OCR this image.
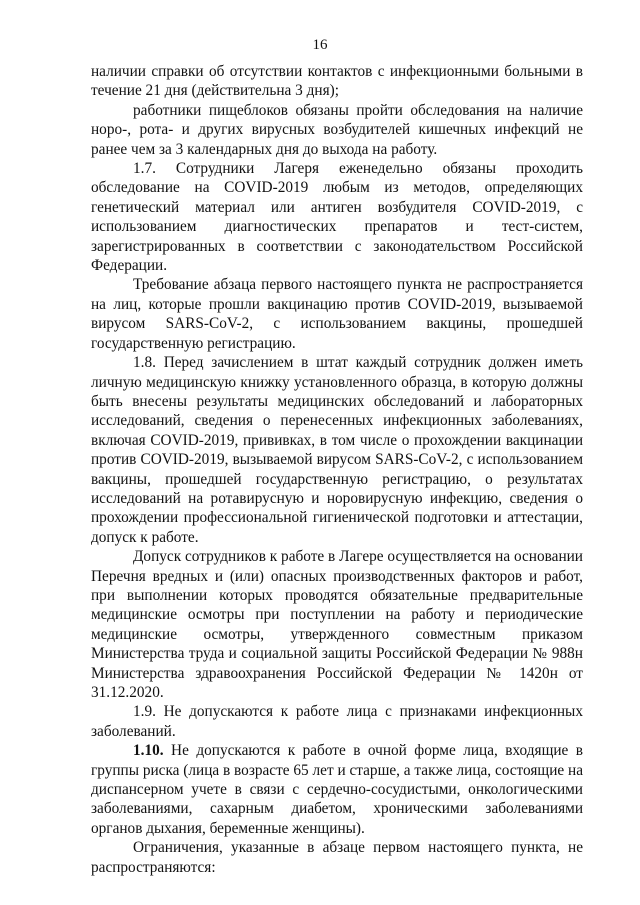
16

наличии справки об отсутствии контактов с инфекционными больными в течение 21 дня (действительна 3 дня);

работники пищеблоков обязаны пройти обследования на наличие норо-, рота- и других вирусных возбудителей кишечных инфекций не ранее чем за 3 календарных дня до выхода на работу.

1.7. Сотрудники Лагеря еженедельно обязаны проходить обследование на COVID-2019 любым из методов, определяющих генетический материал или антиген возбудителя COVID-2019, с использованием диагностических препаратов и тест-систем, зарегистрированных в соответствии с законодательством Российской Федерации.

Требование абзаца первого настоящего пункта не распространяется на лиц, которые прошли вакцинацию против COVID-2019, вызываемой вирусом SARS-CoV-2, с использованием вакцины, прошедшей государственную регистрацию.

1.8. Перед зачислением в штат каждый сотрудник должен иметь личную медицинскую книжку установленного образца, в которую должны быть внесены результаты медицинских обследований и лабораторных исследований, сведения о перенесенных инфекционных заболеваниях, включая COVID-2019, прививках, в том числе о прохождении вакцинации против COVID-2019, вызываемой вирусом SARS-CoV-2, с использованием вакцины, прошедшей государственную регистрацию, о результатах исследований на ротавирусную и норовирусную инфекцию, сведения о прохождении профессиональной гигиенической подготовки и аттестации, допуск к работе.

Допуск сотрудников к работе в Лагере осуществляется на основании Перечня вредных и (или) опасных производственных факторов и работ, при выполнении которых проводятся обязательные предварительные медицинские осмотры при поступлении на работу и периодические медицинские осмотры, утвержденного совместным приказом Министерства труда и социальной защиты Российской Федерации № 988н Министерства здравоохранения Российской Федерации № 1420н от 31.12.2020.

1.9. Не допускаются к работе лица с признаками инфекционных заболеваний.

1.10. Не допускаются к работе в очной форме лица, входящие в группы риска (лица в возрасте 65 лет и старше, а также лица, состоящие на диспансерном учете в связи с сердечно-сосудистыми, онкологическими заболеваниями, сахарным диабетом, хроническими заболеваниями органов дыхания, беременные женщины).

Ограничения, указанные в абзаце первом настоящего пункта, не распространяются:
